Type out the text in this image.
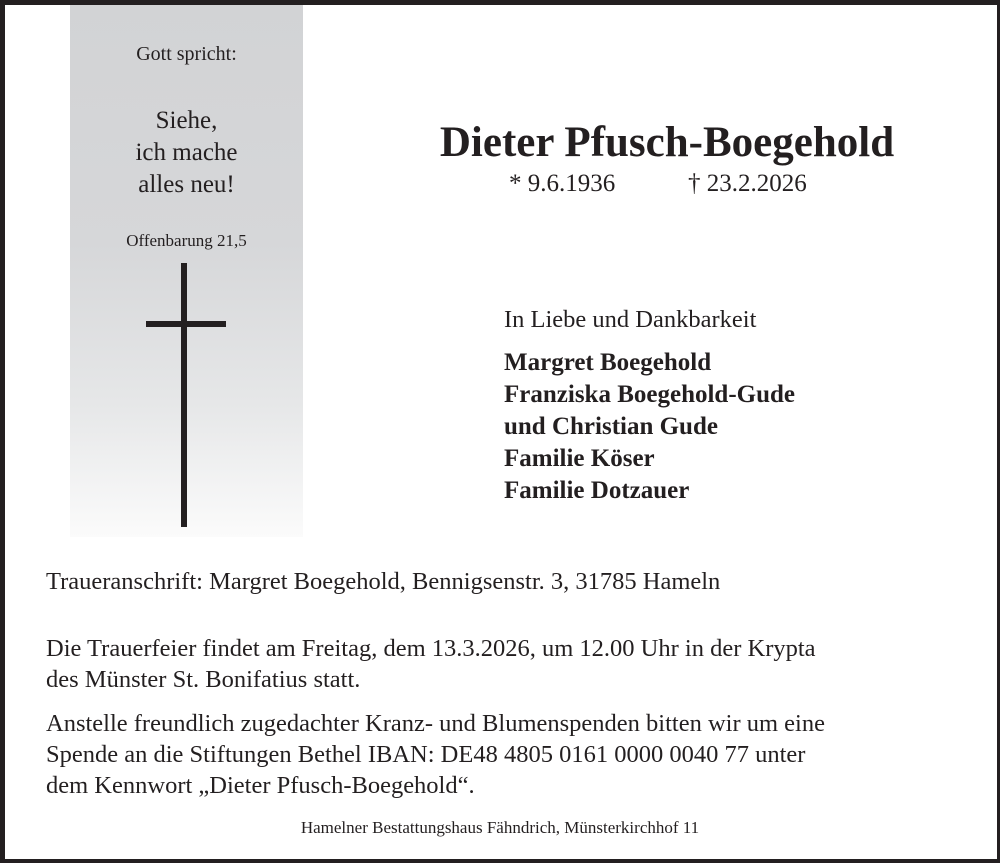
Gott spricht:
Siehe,
ich mache
alles neu!
Offenbarung 21,5
Dieter Pfusch-Boegehold
* 9.6.1936	† 23.2.2026
In Liebe und Dankbarkeit
Margret Boegehold
Franziska Boegehold-Gude
und Christian Gude
Familie Köser
Familie Dotzauer
Traueranschrift: Margret Boegehold, Bennigsenstr. 3, 31785 Hameln
Die Trauerfeier findet am Freitag, dem 13.3.2026, um 12.00 Uhr in der Krypta
des Münster St. Bonifatius statt.
Anstelle freundlich zugedachter Kranz- und Blumenspenden bitten wir um eine
Spende an die Stiftungen Bethel IBAN: DE48 4805 0161 0000 0040 77 unter
dem Kennwort „Dieter Pfusch-Boegehold“.
Hamelner Bestattungshaus Fähndrich, Münsterkirchhof 11
